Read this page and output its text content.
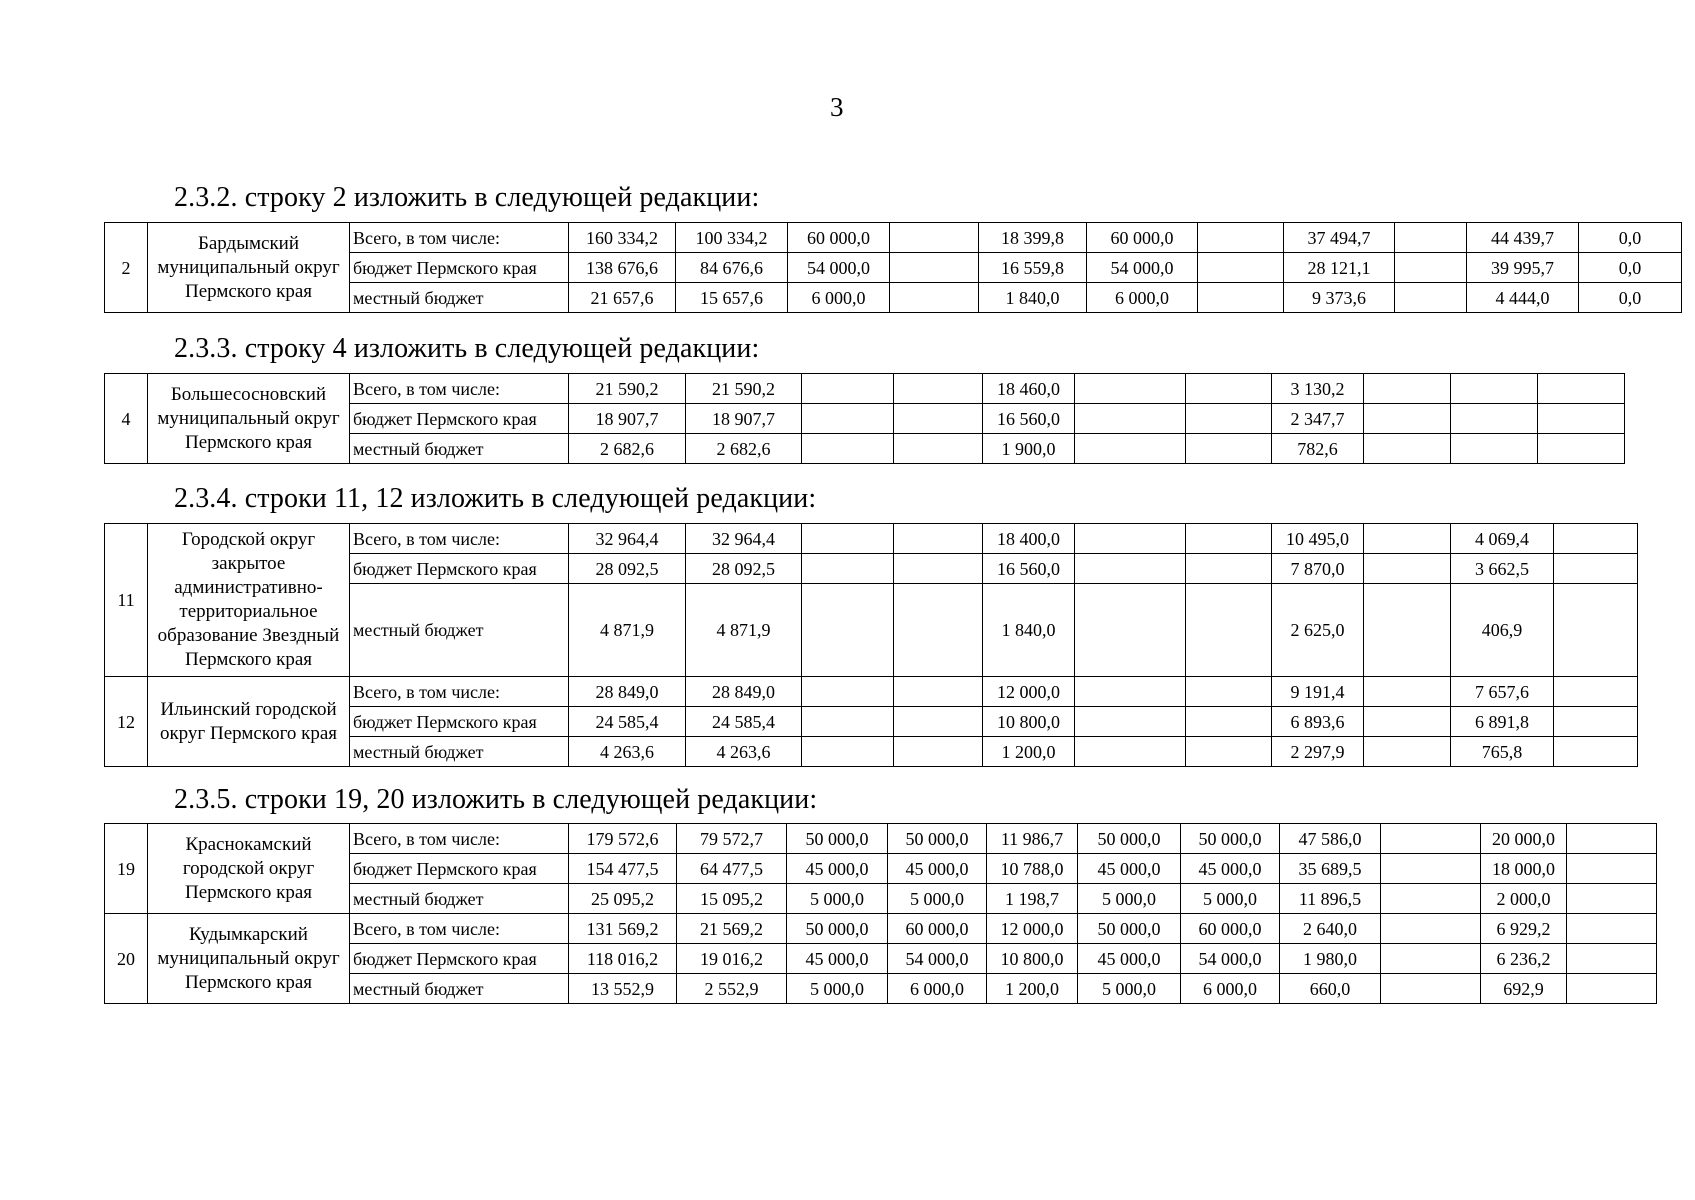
3
2.3.2. строку 2 изложить в следующей редакции:
2	Бардымский муниципальный округ Пермского края	Всего, в том числе:	160 334,2	100 334,2	60 000,0		18 399,8	60 000,0		37 494,7		44 439,7	0,0
		бюджет Пермского края	138 676,6	84 676,6	54 000,0		16 559,8	54 000,0		28 121,1		39 995,7	0,0
		местный бюджет	21 657,6	15 657,6	6 000,0		1 840,0	6 000,0		9 373,6		4 444,0	0,0
2.3.3. строку 4 изложить в следующей редакции:
4	Большесосновский муниципальный округ Пермского края	Всего, в том числе:	21 590,2	21 590,2			18 460,0			3 130,2			
		бюджет Пермского края	18 907,7	18 907,7			16 560,0			2 347,7			
		местный бюджет	2 682,6	2 682,6			1 900,0			782,6			
2.3.4. строки 11, 12 изложить в следующей редакции:
11	Городской округ закрытое административно-территориальное образование Звездный Пермского края	Всего, в том числе:	32 964,4	32 964,4			18 400,0			10 495,0		4 069,4	
		бюджет Пермского края	28 092,5	28 092,5			16 560,0			7 870,0		3 662,5	
		местный бюджет	4 871,9	4 871,9			1 840,0			2 625,0		406,9	
12	Ильинский городской округ Пермского края	Всего, в том числе:	28 849,0	28 849,0			12 000,0			9 191,4		7 657,6	
		бюджет Пермского края	24 585,4	24 585,4			10 800,0			6 893,6		6 891,8	
		местный бюджет	4 263,6	4 263,6			1 200,0			2 297,9		765,8	
2.3.5. строки 19, 20 изложить в следующей редакции:
19	Краснокамский городской округ Пермского края	Всего, в том числе:	179 572,6	79 572,7	50 000,0	50 000,0	11 986,7	50 000,0	50 000,0	47 586,0		20 000,0	
		бюджет Пермского края	154 477,5	64 477,5	45 000,0	45 000,0	10 788,0	45 000,0	45 000,0	35 689,5		18 000,0	
		местный бюджет	25 095,2	15 095,2	5 000,0	5 000,0	1 198,7	5 000,0	5 000,0	11 896,5		2 000,0	
20	Кудымкарский муниципальный округ Пермского края	Всего, в том числе:	131 569,2	21 569,2	50 000,0	60 000,0	12 000,0	50 000,0	60 000,0	2 640,0		6 929,2	
		бюджет Пермского края	118 016,2	19 016,2	45 000,0	54 000,0	10 800,0	45 000,0	54 000,0	1 980,0		6 236,2	
		местный бюджет	13 552,9	2 552,9	5 000,0	6 000,0	1 200,0	5 000,0	6 000,0	660,0		692,9	
